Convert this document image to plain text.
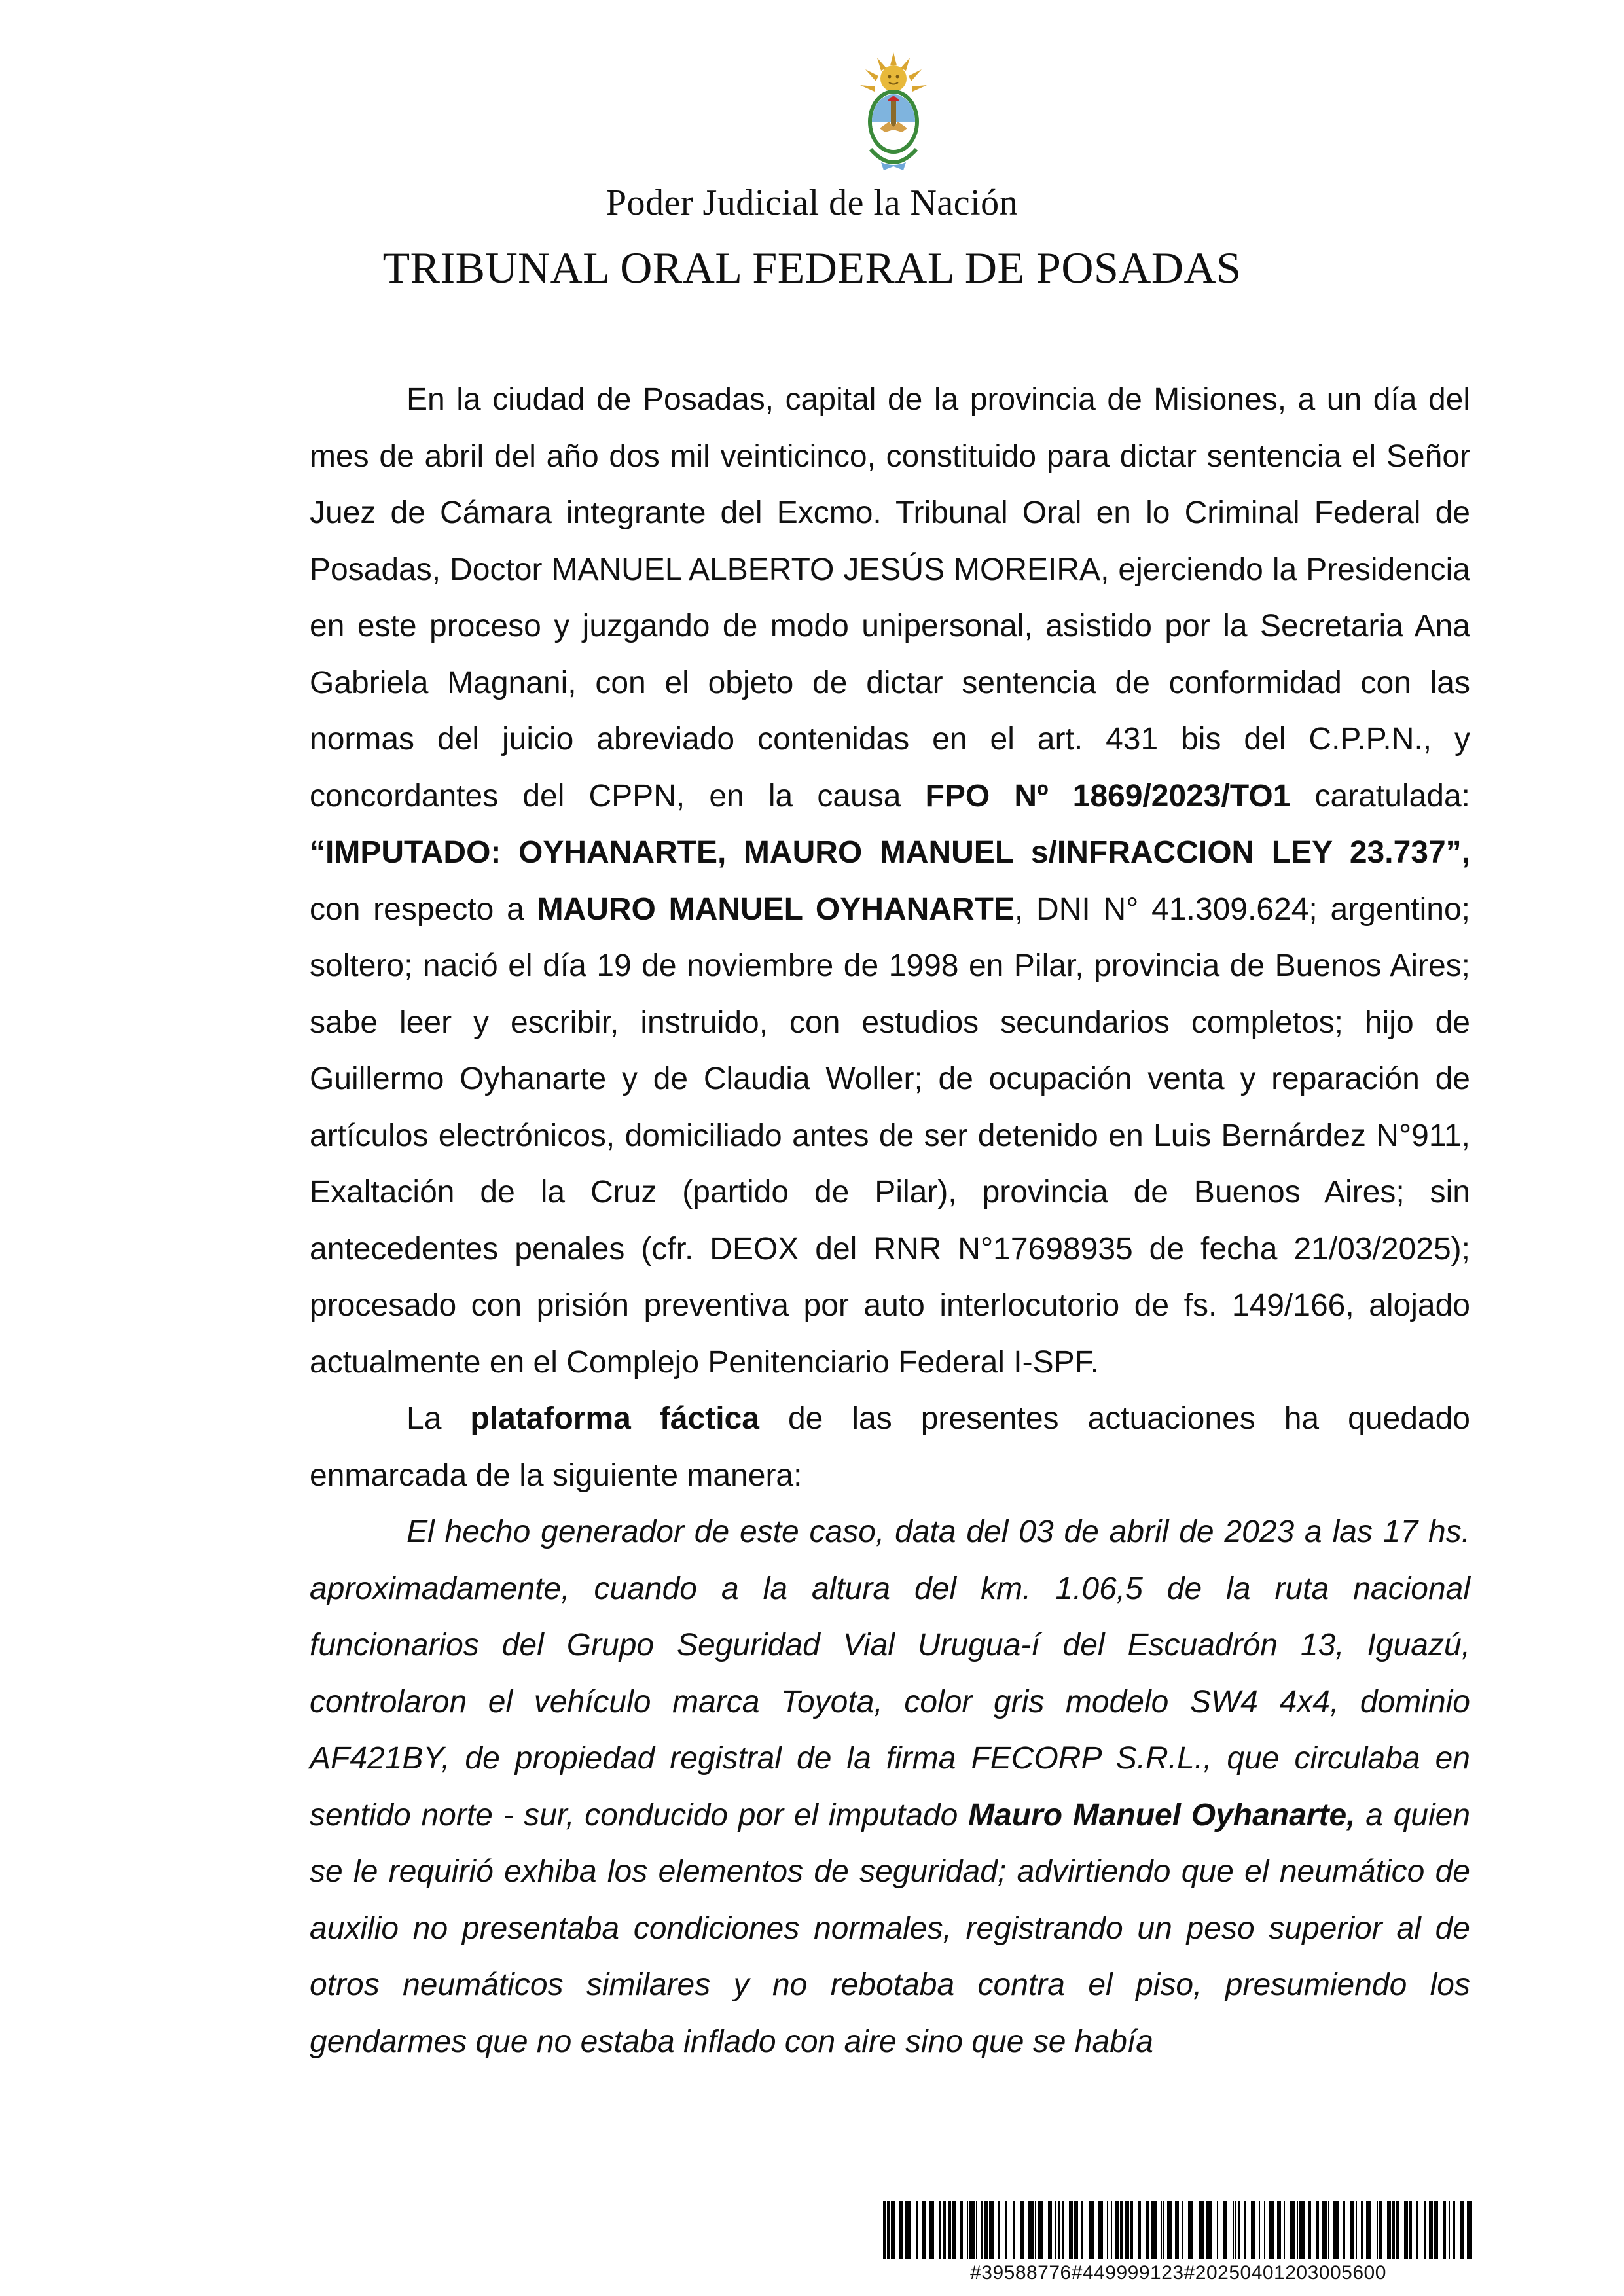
Poder Judicial de la Nación
TRIBUNAL ORAL FEDERAL DE POSADAS

En la ciudad de Posadas, capital de la provincia de Misiones, a un día del mes de abril del año dos mil veinticinco, constituido para dictar sentencia el Señor Juez de Cámara integrante del Excmo. Tribunal Oral en lo Criminal Federal de Posadas, Doctor MANUEL ALBERTO JESÚS MOREIRA, ejerciendo la Presidencia en este proceso y juzgando de modo unipersonal, asistido por la Secretaria Ana Gabriela Magnani, con el objeto de dictar sentencia de conformidad con las normas del juicio abreviado contenidas en el art. 431 bis del C.P.P.N., y concordantes del CPPN, en la causa FPO Nº 1869/2023/TO1 caratulada: “IMPUTADO: OYHANARTE, MAURO MANUEL s/INFRACCION LEY 23.737”, con respecto a MAURO MANUEL OYHANARTE, DNI N° 41.309.624; argentino; soltero; nació el día 19 de noviembre de 1998 en Pilar, provincia de Buenos Aires; sabe leer y escribir, instruido, con estudios secundarios completos; hijo de Guillermo Oyhanarte y de Claudia Woller; de ocupación venta y reparación de artículos electrónicos, domiciliado antes de ser detenido en Luis Bernárdez N°911, Exaltación de la Cruz (partido de Pilar), provincia de Buenos Aires; sin antecedentes penales (cfr. DEOX del RNR N°17698935 de fecha 21/03/2025); procesado con prisión preventiva por auto interlocutorio de fs. 149/166, alojado actualmente en el Complejo Penitenciario Federal I-SPF.

La plataforma fáctica de las presentes actuaciones ha quedado enmarcada de la siguiente manera:

El hecho generador de este caso, data del 03 de abril de 2023 a las 17 hs. aproximadamente, cuando a la altura del km. 1.06,5 de la ruta nacional funcionarios del Grupo Seguridad Vial Urugua-í del Escuadrón 13, Iguazú, controlaron el vehículo marca Toyota, color gris modelo SW4 4x4, dominio AF421BY, de propiedad registral de la firma FECORP S.R.L., que circulaba en sentido norte - sur, conducido por el imputado Mauro Manuel Oyhanarte, a quien se le requirió exhiba los elementos de seguridad; advirtiendo que el neumático de auxilio no presentaba condiciones normales, registrando un peso superior al de otros neumáticos similares y no rebotaba contra el piso, presumiendo los gendarmes que no estaba inflado con aire sino que se había

#39588776#449999123#20250401203005600
